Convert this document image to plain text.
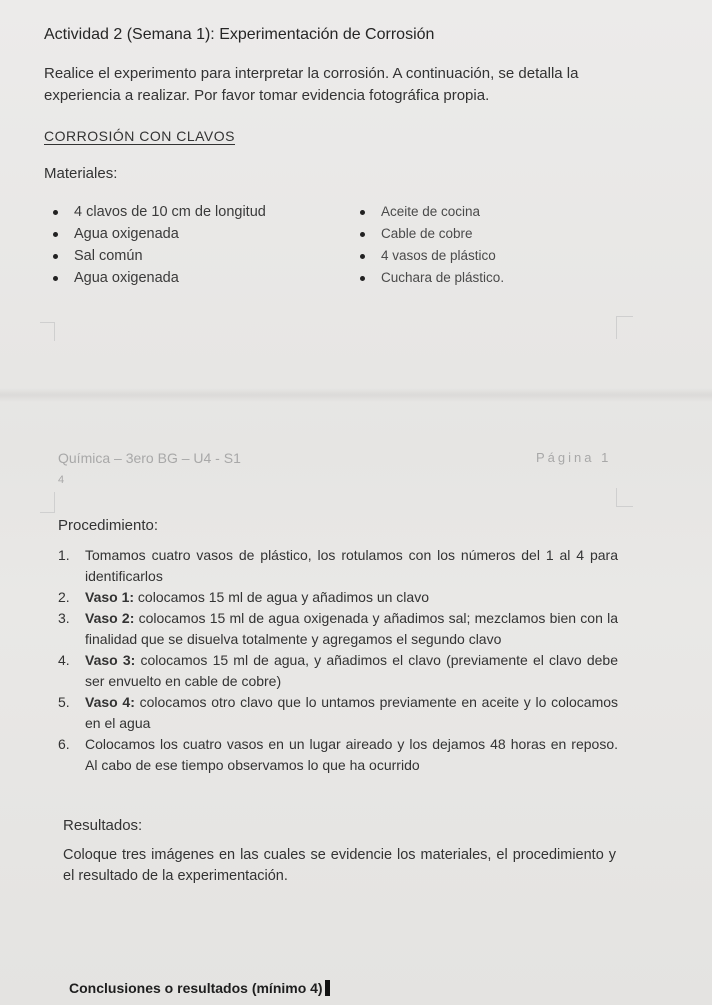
Actividad 2 (Semana 1): Experimentación de Corrosión

Realice el experimento para interpretar la corrosión. A continuación, se detalla la experiencia a realizar. Por favor tomar evidencia fotográfica propia.

CORROSIÓN CON CLAVOS

Materiales:

4 clavos de 10 cm de longitud
Agua oxigenada
Sal común
Agua oxigenada
Aceite de cocina
Cable de cobre
4 vasos de plástico
Cuchara de plástico.

Química – 3ero BG – U4 - S1	Página 1

4

Procedimiento:

1. Tomamos cuatro vasos de plástico, los rotulamos con los números del 1 al 4 para identificarlos
2. Vaso 1: colocamos 15 ml de agua y añadimos un clavo
3. Vaso 2: colocamos 15 ml de agua oxigenada y añadimos sal; mezclamos bien con la finalidad que se disuelva totalmente y agregamos el segundo clavo
4. Vaso 3: colocamos 15 ml de agua, y añadimos el clavo (previamente el clavo debe ser envuelto en cable de cobre)
5. Vaso 4: colocamos otro clavo que lo untamos previamente en aceite y lo colocamos en el agua
6. Colocamos los cuatro vasos en un lugar aireado y los dejamos 48 horas en reposo. Al cabo de ese tiempo observamos lo que ha ocurrido

Resultados:

Coloque tres imágenes en las cuales se evidencie los materiales, el procedimiento y el resultado de la experimentación.

Conclusiones o resultados (mínimo 4)
